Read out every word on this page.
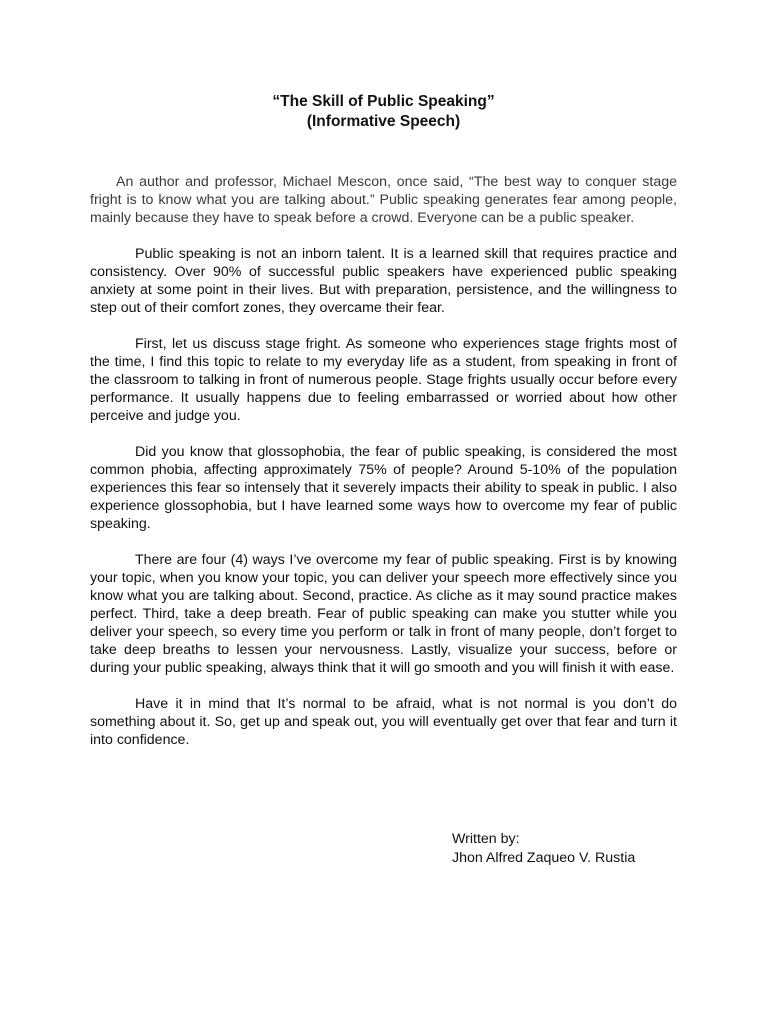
“The Skill of Public Speaking”
(Informative Speech)

An author and professor, Michael Mescon, once said, “The best way to conquer stage fright is to know what you are talking about.” Public speaking generates fear among people, mainly because they have to speak before a crowd. Everyone can be a public speaker.

Public speaking is not an inborn talent. It is a learned skill that requires practice and consistency. Over 90% of successful public speakers have experienced public speaking anxiety at some point in their lives. But with preparation, persistence, and the willingness to step out of their comfort zones, they overcame their fear.

First, let us discuss stage fright. As someone who experiences stage frights most of the time, I find this topic to relate to my everyday life as a student, from speaking in front of the classroom to talking in front of numerous people. Stage frights usually occur before every performance. It usually happens due to feeling embarrassed or worried about how other perceive and judge you.

Did you know that glossophobia, the fear of public speaking, is considered the most common phobia, affecting approximately 75% of people? Around 5-10% of the population experiences this fear so intensely that it severely impacts their ability to speak in public. I also experience glossophobia, but I have learned some ways how to overcome my fear of public speaking.

There are four (4) ways I’ve overcome my fear of public speaking. First is by knowing your topic, when you know your topic, you can deliver your speech more effectively since you know what you are talking about. Second, practice. As cliche as it may sound practice makes perfect. Third, take a deep breath. Fear of public speaking can make you stutter while you deliver your speech, so every time you perform or talk in front of many people, don’t forget to take deep breaths to lessen your nervousness. Lastly, visualize your success, before or during your public speaking, always think that it will go smooth and you will finish it with ease.

Have it in mind that It’s normal to be afraid, what is not normal is you don’t do something about it. So, get up and speak out, you will eventually get over that fear and turn it into confidence.

Written by:
Jhon Alfred Zaqueo V. Rustia
